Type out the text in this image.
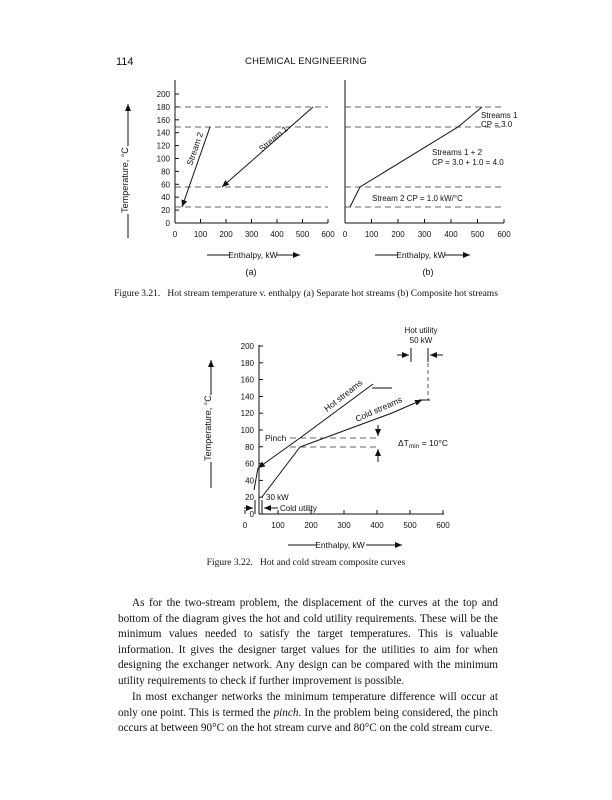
114	CHEMICAL ENGINEERING
Temperature, °C
200
180
160
140
120
100
80
60
40
20
0
0 100 200 300 400 500 600
Stream 1
Stream 2
(a)
0 100 200 300 400 500 600
Streams 1
CP = 3.0
Streams 1 + 2
CP = 3.0 + 1.0 = 4.0
Stream 2 CP = 1.0 kW/°C
(b)
Enthalpy, kW	Enthalpy, kW
Temperature, °C
200
180
160
140
120
100
80
60
40
20
0
0	100 200 300 400 500 600
Hot utility
50 kW
Hot streams
Cold streams
Pinch	$\Delta T_{min} = 10^\circ C$
30 kW
Cold utility
Enthalpy, kW
Figure 3.21. Hot stream temperature v. enthalpy (a) Separate hot streams (b) Composite hot streams
Figure 3.22. Hot and cold stream composite curves

As for the two-stream problem, the displacement of the curves at the top and bottom of the diagram gives the hot and cold utility requirements. These will be the minimum values needed to satisfy the target temperatures. This is valuable information. It gives the designer target values for the utilities to aim for when designing the exchanger network. Any design can be compared with the minimum utility requirements to check if further improvement is possible.

In most exchanger networks the minimum temperature difference will occur at only one point. This is termed the pinch. In the problem being considered, the pinch occurs at between 90°C on the hot stream curve and 80°C on the cold stream curve.
